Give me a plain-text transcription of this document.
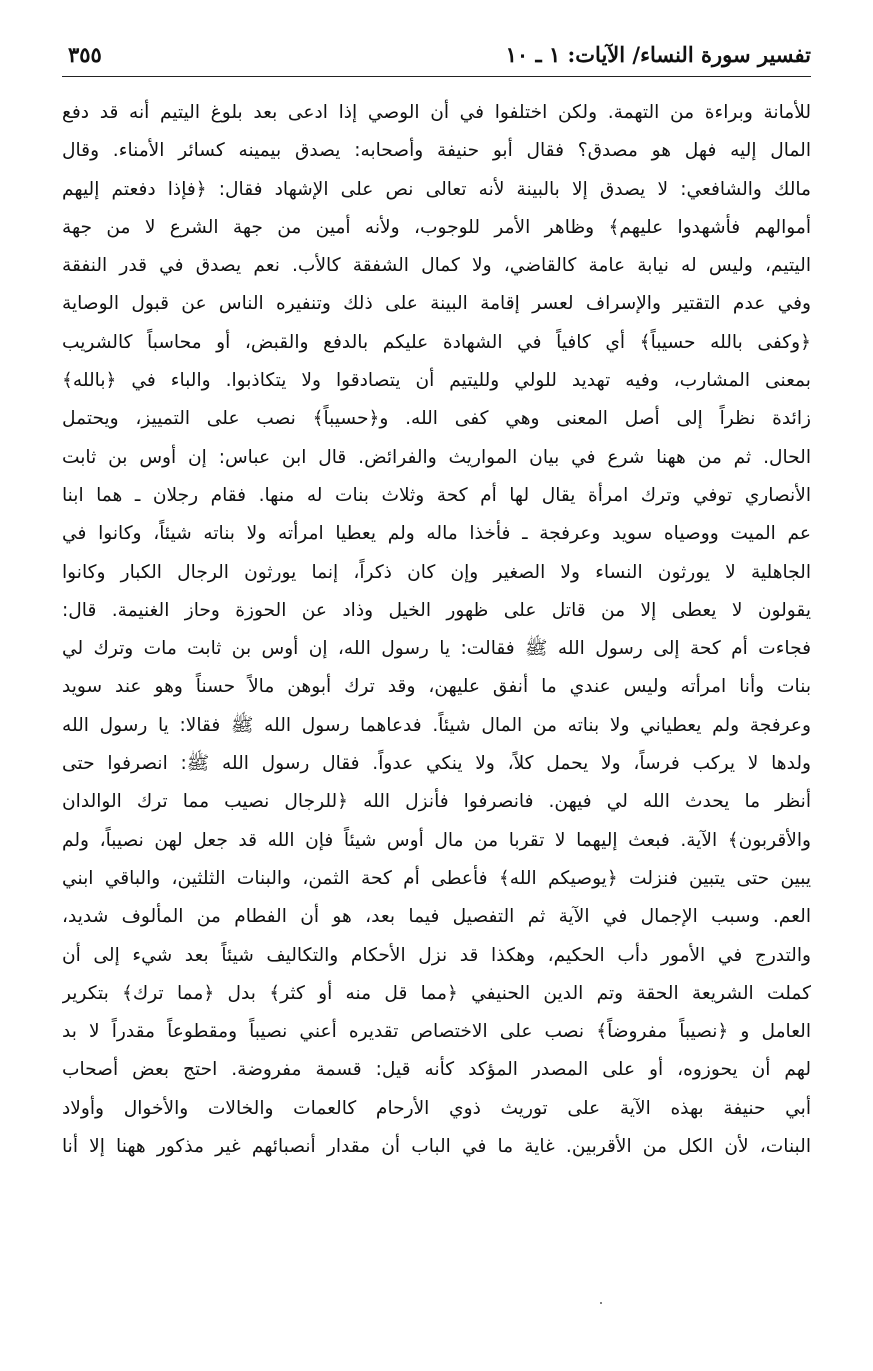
تفسير سورة النساء/ الآيات: ١ ـ ١٠
٣٥٥
للأمانة وبراءة من التهمة. ولكن اختلفوا في أن الوصي إذا ادعى بعد بلوغ اليتيم أنه قد دفع
المال إليه فهل هو مصدق؟ فقال أبو حنيفة وأصحابه: يصدق بيمينه كسائر الأمناء. وقال
مالك والشافعي: لا يصدق إلا بالبينة لأنه تعالى نص على الإشهاد فقال: ﴿فإذا دفعتم إليهم
أموالهم فأشهدوا عليهم﴾ وظاهر الأمر للوجوب، ولأنه أمين من جهة الشرع لا من جهة
اليتيم، وليس له نيابة عامة كالقاضي، ولا كمال الشفقة كالأب. نعم يصدق في قدر النفقة
وفي عدم التقتير والإسراف لعسر إقامة البينة على ذلك وتنفيره الناس عن قبول الوصاية
﴿وكفى بالله حسيباً﴾ أي كافياً في الشهادة عليكم بالدفع والقبض، أو محاسباً كالشريب
بمعنى المشارب، وفيه تهديد للولي ولليتيم أن يتصادقوا ولا يتكاذبوا. والباء في ﴿بالله﴾
زائدة نظراً إلى أصل المعنى وهي كفى الله. و﴿حسيباً﴾ نصب على التمييز، ويحتمل
الحال. ثم من ههنا شرع في بيان المواريث والفرائض. قال ابن عباس: إن أوس بن ثابت
الأنصاري توفي وترك امرأة يقال لها أم كحة وثلاث بنات له منها. فقام رجلان ـ هما ابنا
عم الميت ووصياه سويد وعرفجة ـ فأخذا ماله ولم يعطيا امرأته ولا بناته شيئاً، وكانوا في
الجاهلية لا يورثون النساء ولا الصغير وإن كان ذكراً، إنما يورثون الرجال الكبار وكانوا
يقولون لا يعطى إلا من قاتل على ظهور الخيل وذاد عن الحوزة وحاز الغنيمة. قال:
فجاءت أم كحة إلى رسول الله ﷺ فقالت: يا رسول الله، إن أوس بن ثابت مات وترك لي
بنات وأنا امرأته وليس عندي ما أنفق عليهن، وقد ترك أبوهن مالاً حسناً وهو عند سويد
وعرفجة ولم يعطياني ولا بناته من المال شيئاً. فدعاهما رسول الله ﷺ فقالا: يا رسول الله
ولدها لا يركب فرساً، ولا يحمل كلاً، ولا ينكي عدواً. فقال رسول الله ﷺ: انصرفوا حتى
أنظر ما يحدث الله لي فيهن. فانصرفوا فأنزل الله ﴿للرجال نصيب مما ترك الوالدان
والأقربون﴾ الآية. فبعث إليهما لا تقربا من مال أوس شيئاً فإن الله قد جعل لهن نصيباً، ولم
يبين حتى يتبين فنزلت ﴿يوصيكم الله﴾ فأعطى أم كحة الثمن، والبنات الثلثين، والباقي ابني
العم. وسبب الإجمال في الآية ثم التفصيل فيما بعد، هو أن الفطام من المألوف شديد،
والتدرج في الأمور دأب الحكيم، وهكذا قد نزل الأحكام والتكاليف شيئاً بعد شيء إلى أن
كملت الشريعة الحقة وتم الدين الحنيفي ﴿مما قل منه أو كثر﴾ بدل ﴿مما ترك﴾ بتكرير
العامل و ﴿نصيباً مفروضاً﴾ نصب على الاختصاص تقديره أعني نصيباً ومقطوعاً مقدراً لا بد
لهم أن يحوزوه، أو على المصدر المؤكد كأنه قيل: قسمة مفروضة. احتج بعض أصحاب
أبي حنيفة بهذه الآية على توريث ذوي الأرحام كالعمات والخالات والأخوال وأولاد
البنات، لأن الكل من الأقربين. غاية ما في الباب أن مقدار أنصبائهم غير مذكور ههنا إلا أنا
